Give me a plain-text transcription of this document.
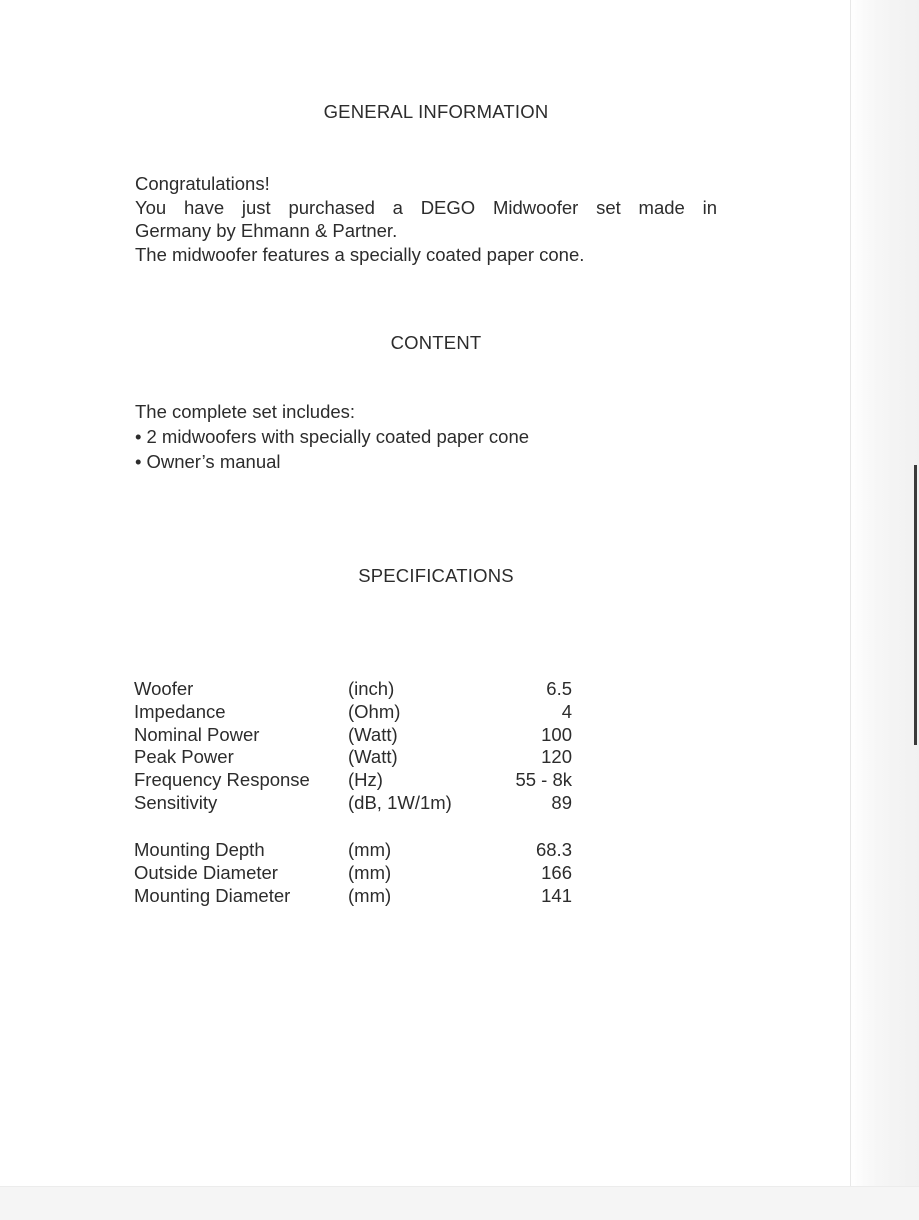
GENERAL INFORMATION
Congratulations!
You have just purchased a DEGO Midwoofer set made in
Germany by Ehmann & Partner.
The midwoofer features a specially coated paper cone.
CONTENT
The complete set includes:
• 2 midwoofers with specially coated paper cone
• Owner’s manual
SPECIFICATIONS
Woofer	(inch)	6.5
Impedance	(Ohm)	4
Nominal Power	(Watt)	100
Peak Power	(Watt)	120
Frequency Response	(Hz)	55 - 8k
Sensitivity	(dB, 1W/1m)	89
Mounting Depth	(mm)	68.3
Outside Diameter	(mm)	166
Mounting Diameter	(mm)	141
